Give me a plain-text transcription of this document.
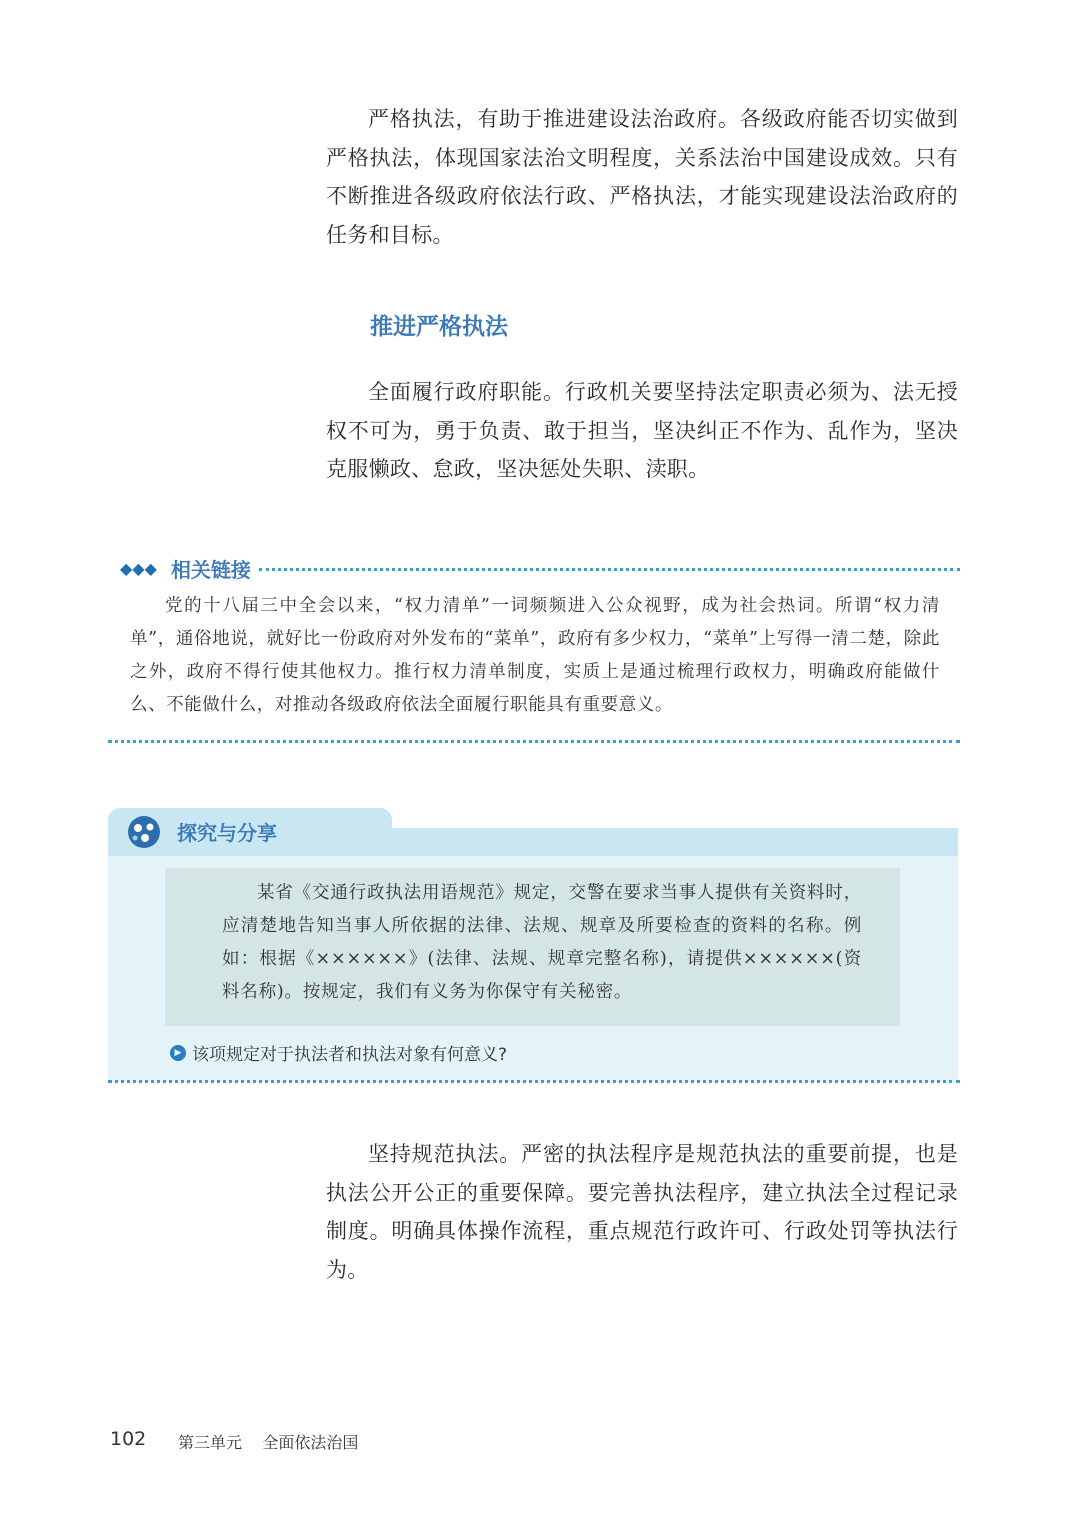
严格执法，有助于推进建设法治政府。各级政府能否切实做到严格执法，体现国家法治文明程度，关系法治中国建设成效。只有不断推进各级政府依法行政、严格执法，才能实现建设法治政府的任务和目标。

推进严格执法

全面履行政府职能。行政机关要坚持法定职责必须为、法无授权不可为，勇于负责、敢于担当，坚决纠正不作为、乱作为，坚决克服懒政、怠政，坚决惩处失职、渎职。

◆◆◆ 相关链接

党的十八届三中全会以来，“权力清单”一词频频进入公众视野，成为社会热词。所谓“权力清单”，通俗地说，就好比一份政府对外发布的“菜单”，政府有多少权力，“菜单”上写得一清二楚，除此之外，政府不得行使其他权力。推行权力清单制度，实质上是通过梳理行政权力，明确政府能做什么、不能做什么，对推动各级政府依法全面履行职能具有重要意义。

探究与分享

某省《交通行政执法用语规范》规定，交警在要求当事人提供有关资料时，应清楚地告知当事人所依据的法律、法规、规章及所要检查的资料的名称。例如：根据《××××××》(法律、法规、规章完整名称)，请提供××××××(资料名称)。按规定，我们有义务为你保守有关秘密。

▶ 该项规定对于执法者和执法对象有何意义?

坚持规范执法。严密的执法程序是规范执法的重要前提，也是执法公开公正的重要保障。要完善执法程序，建立执法全过程记录制度。明确具体操作流程，重点规范行政许可、行政处罚等执法行为。

102 第三单元    全面依法治国
